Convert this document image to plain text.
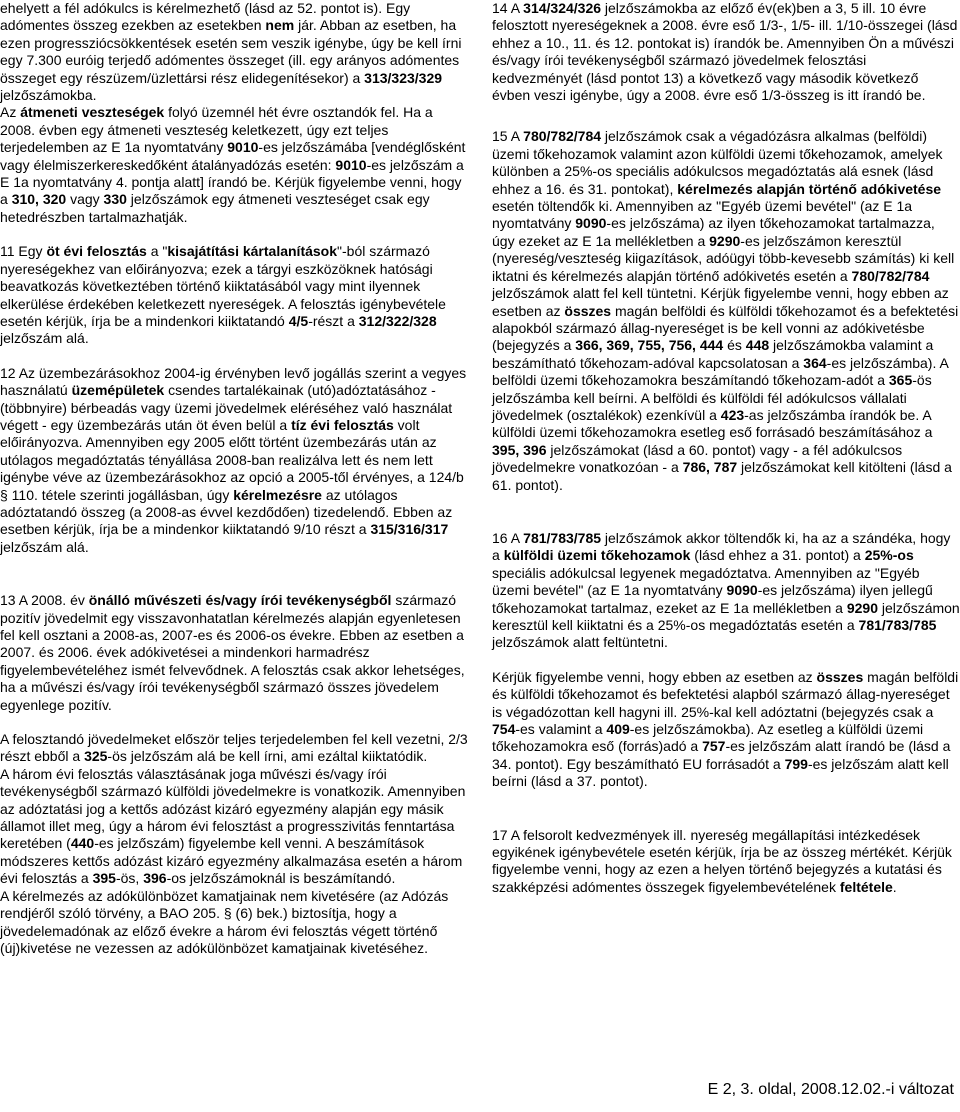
ehelyett a fél adókulcs is kérelmezhető (lásd az 52. pontot is). Egy adómentes összeg ezekben az esetekben nem jár. Abban az esetben, ha ezen progressziócsökkentések esetén sem veszik igénybe, úgy be kell írni egy 7.300 euróig terjedő adómentes összeget (ill. egy arányos adómentes összeget egy részüzem/üzlettársi rész elidegenítésekor) a 313/323/329 jelzőszámokba.

Az átmeneti veszteségek folyó üzemnél hét évre osztandók fel. Ha a 2008. évben egy átmeneti veszteség keletkezett, úgy ezt teljes terjedelemben az E 1a nyomtatvány 9010-es jelzőszámába [vendéglősként vagy élelmiszerkereskedőként átalányadózás esetén: 9010-es jelzőszám a E 1a nyomtatvány 4. pontja alatt] írandó be. Kérjük figyelembe venni, hogy a 310, 320 vagy 330 jelzőszámok egy átmeneti veszteséget csak egy hetedrészben tartalmazhatják.

11 Egy öt évi felosztás a "kisajátítási kártalanítások"-ból származó nyereségekhez van előirányozva; ezek a tárgyi eszközöknek hatósági beavatkozás következtében történő kiiktatásából vagy mint ilyennek elkerülése érdekében keletkezett nyereségek. A felosztás igénybevétele esetén kérjük, írja be a mindenkori kiiktatandó 4/5-részt a 312/322/328 jelzőszám alá.

12 Az üzembezárásokhoz 2004-ig érvényben levő jogállás szerint a vegyes használatú üzemépületek csendes tartalékainak (utó)adóztatásához - (többnyire) bérbeadás vagy üzemi jövedelmek eléréséhez való használat végett - egy üzembezárás után öt éven belül a tíz évi felosztás volt előirányozva. Amennyiben egy 2005 előtt történt üzembezárás után az utólagos megadóztatás tényállása 2008-ban realizálva lett és nem lett igénybe véve az üzembezárásokhoz az opció a 2005-től érvényes, a 124/b § 110. tétele szerinti jogállásban, úgy kérelmezésre az utólagos adóztatandó összeg (a 2008-as évvel kezdődően) tizedelendő. Ebben az esetben kérjük, írja be a mindenkor kiiktatandó 9/10 részt a 315/316/317 jelzőszám alá.

13 A 2008. év önálló művészeti és/vagy írói tevékenységből származó pozitív jövedelmit egy visszavonhatatlan kérelmezés alapján egyenletesen fel kell osztani a 2008-as, 2007-es és 2006-os évekre. Ebben az esetben a 2007. és 2006. évek adókivetései a mindenkori harmadrész figyelembevételéhez ismét felvevődnek. A felosztás csak akkor lehetséges, ha a művészi és/vagy írói tevékenységből származó összes jövedelem egyenlege pozitív.

A felosztandó jövedelmeket először teljes terjedelemben fel kell vezetni, 2/3 részt ebből a 325-ös jelzőszám alá be kell írni, ami ezáltal kiiktatódik.

A három évi felosztás választásának joga művészi és/vagy írói tevékenységből származó külföldi jövedelmekre is vonatkozik. Amennyiben az adóztatási jog a kettős adózást kizáró egyezmény alapján egy másik államot illet meg, úgy a három évi felosztást a progresszivitás fenntartása keretében (440-es jelzőszám) figyelembe kell venni. A beszámítások módszeres kettős adózást kizáró egyezmény alkalmazása esetén a három évi felosztás a 395-ös, 396-os jelzőszámoknál is beszámítandó.

A kérelmezés az adókülönbözet kamatjainak nem kivetésére (az Adózás rendjéről szóló törvény, a BAO 205. § (6) bek.) biztosítja, hogy a jövedelemadónak az előző évekre a három évi felosztás végett történő (új)kivetése ne vezessen az adókülönbözet kamatjainak kivetéséhez.

14 A 314/324/326 jelzőszámokba az előző év(ek)ben a 3, 5 ill. 10 évre felosztott nyereségeknek a 2008. évre eső 1/3-, 1/5- ill. 1/10-összegei (lásd ehhez a 10., 11. és 12. pontokat is) írandók be. Amennyiben Ön a művészi és/vagy írói tevékenységből származó jövedelmek felosztási kedvezményét (lásd pontot 13) a következő vagy második következő évben veszi igénybe, úgy a 2008. évre eső 1/3-összeg is itt írandó be.

15 A 780/782/784 jelzőszámok csak a végadózásra alkalmas (belföldi) üzemi tőkehozamok valamint azon külföldi üzemi tőkehozamok, amelyek különben a 25%-os speciális adókulcsos megadóztatás alá esnek (lásd ehhez a 16. és 31. pontokat), kérelmezés alapján történő adókivetése esetén töltendők ki. Amennyiben az "Egyéb üzemi bevétel" (az E 1a nyomtatvány 9090-es jelzőszáma) az ilyen tőkehozamokat tartalmazza, úgy ezeket az E 1a mellékletben a 9290-es jelzőszámon keresztül (nyereség/veszteség kiigazítások, adóügyi több-kevesebb számítás) ki kell iktatni és kérelmezés alapján történő adókivetés esetén a 780/782/784 jelzőszámok alatt fel kell tüntetni. Kérjük figyelembe venni, hogy ebben az esetben az összes magán belföldi és külföldi tőkehozamot és a befektetési alapokból származó állag-nyereséget is be kell vonni az adókivetésbe (bejegyzés a 366, 369, 755, 756, 444 és 448 jelzőszámokba valamint a beszámítható tőkehozam-adóval kapcsolatosan a 364-es jelzőszámba). A belföldi üzemi tőkehozamokra beszámítandó tőkehozam-adót a 365-ös jelzőszámba kell beírni. A belföldi és külföldi fél adókulcsos vállalati jövedelmek (osztalékok) ezenkívül a 423-as jelzőszámba írandók be. A külföldi üzemi tőkehozamokra esetleg eső forrásadó beszámításához a 395, 396 jelzőszámokat (lásd a 60. pontot) vagy - a fél adókulcsos jövedelmekre vonatkozóan - a 786, 787 jelzőszámokat kell kitölteni (lásd a 61. pontot).

16 A 781/783/785 jelzőszámok akkor töltendők ki, ha az a szándéka, hogy a külföldi üzemi tőkehozamok (lásd ehhez a 31. pontot) a 25%-os speciális adókulcsal legyenek megadóztatva. Amennyiben az "Egyéb üzemi bevétel" (az E 1a nyomtatvány 9090-es jelzőszáma) ilyen jellegű tőkehozamokat tartalmaz, ezeket az E 1a mellékletben a 9290 jelzőszámon keresztül kell kiiktatni és a 25%-os megadóztatás esetén a 781/783/785 jelzőszámok alatt feltüntetni.

Kérjük figyelembe venni, hogy ebben az esetben az összes magán belföldi és külföldi tőkehozamot és befektetési alapból származó állag-nyereséget is végadózottan kell hagyni ill. 25%-kal kell adóztatni (bejegyzés csak a 754-es valamint a 409-es jelzőszámokba). Az esetleg a külföldi üzemi tőkehozamokra eső (forrás)adó a 757-es jelzőszám alatt írandó be (lásd a 34. pontot). Egy beszámítható EU forrásadót a 799-es jelzőszám alatt kell beírni (lásd a 37. pontot).

17 A felsorolt kedvezmények ill. nyereség megállapítási intézkedések egyikének igénybevétele esetén kérjük, írja be az összeg mértékét. Kérjük figyelembe venni, hogy az ezen a helyen történő bejegyzés a kutatási és szakképzési adómentes összegek figyelembevételének feltétele.

E 2, 3. oldal, 2008.12.02.-i változat
